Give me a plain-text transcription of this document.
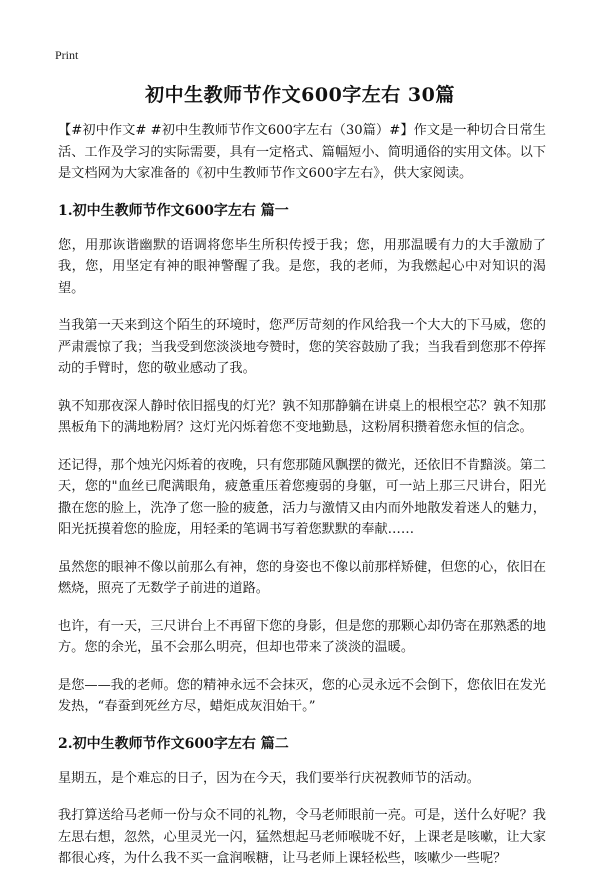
Print
初中生教师节作文600字左右 30篇

【#初中作文# #初中生教师节作文600字左右（30篇）#】作文是一种切合日常生活、工作及学习的实际需要，具有一定格式、篇幅短小、简明通俗的实用文体。以下是文档网为大家准备的《初中生教师节作文600字左右》，供大家阅读。

1.初中生教师节作文600字左右 篇一

您，用那诙谐幽默的语调将您毕生所积传授于我；您，用那温暖有力的大手激励了我，您，用坚定有神的眼神警醒了我。是您，我的老师，为我燃起心中对知识的渴望。

当我第一天来到这个陌生的环境时，您严厉苛刻的作风给我一个大大的下马威，您的严肃震惊了我；当我受到您淡淡地夸赞时，您的笑容鼓励了我；当我看到您那不停挥动的手臂时，您的敬业感动了我。

孰不知那夜深人静时依旧摇曳的灯光？孰不知那静躺在讲桌上的根根空芯？孰不知那黑板角下的满地粉屑？这灯光闪烁着您不变地勤恳，这粉屑积攒着您永恒的信念。

还记得，那个烛光闪烁着的夜晚，只有您那随风飘摆的微光，还依旧不肯黯淡。第二天，您的"血丝已爬满眼角，疲惫重压着您瘦弱的身躯，可一站上那三尺讲台，阳光撒在您的脸上，洗净了您一脸的疲惫，活力与激情又由内而外地散发着迷人的魅力，阳光抚摸着您的脸庞，用轻柔的笔调书写着您默默的奉献……

虽然您的眼神不像以前那么有神，您的身姿也不像以前那样矫健，但您的心，依旧在燃烧，照亮了无数学子前进的道路。

也许，有一天，三尺讲台上不再留下您的身影，但是您的那颗心却仍寄在那熟悉的地方。您的余光，虽不会那么明亮，但却也带来了淡淡的温暖。

是您——我的老师。您的精神永远不会抹灭，您的心灵永远不会倒下，您依旧在发光发热，“春蚕到死丝方尽，蜡炬成灰泪始干。”

2.初中生教师节作文600字左右 篇二

星期五，是个难忘的日子，因为在今天，我们要举行庆祝教师节的活动。

我打算送给马老师一份与众不同的礼物，令马老师眼前一亮。可是，送什么好呢？我左思右想，忽然，心里灵光一闪，猛然想起马老师喉咙不好，上课老是咳嗽，让大家都很心疼，为什么我不买一盒润喉糖，让马老师上课轻松些，咳嗽少一些呢？
